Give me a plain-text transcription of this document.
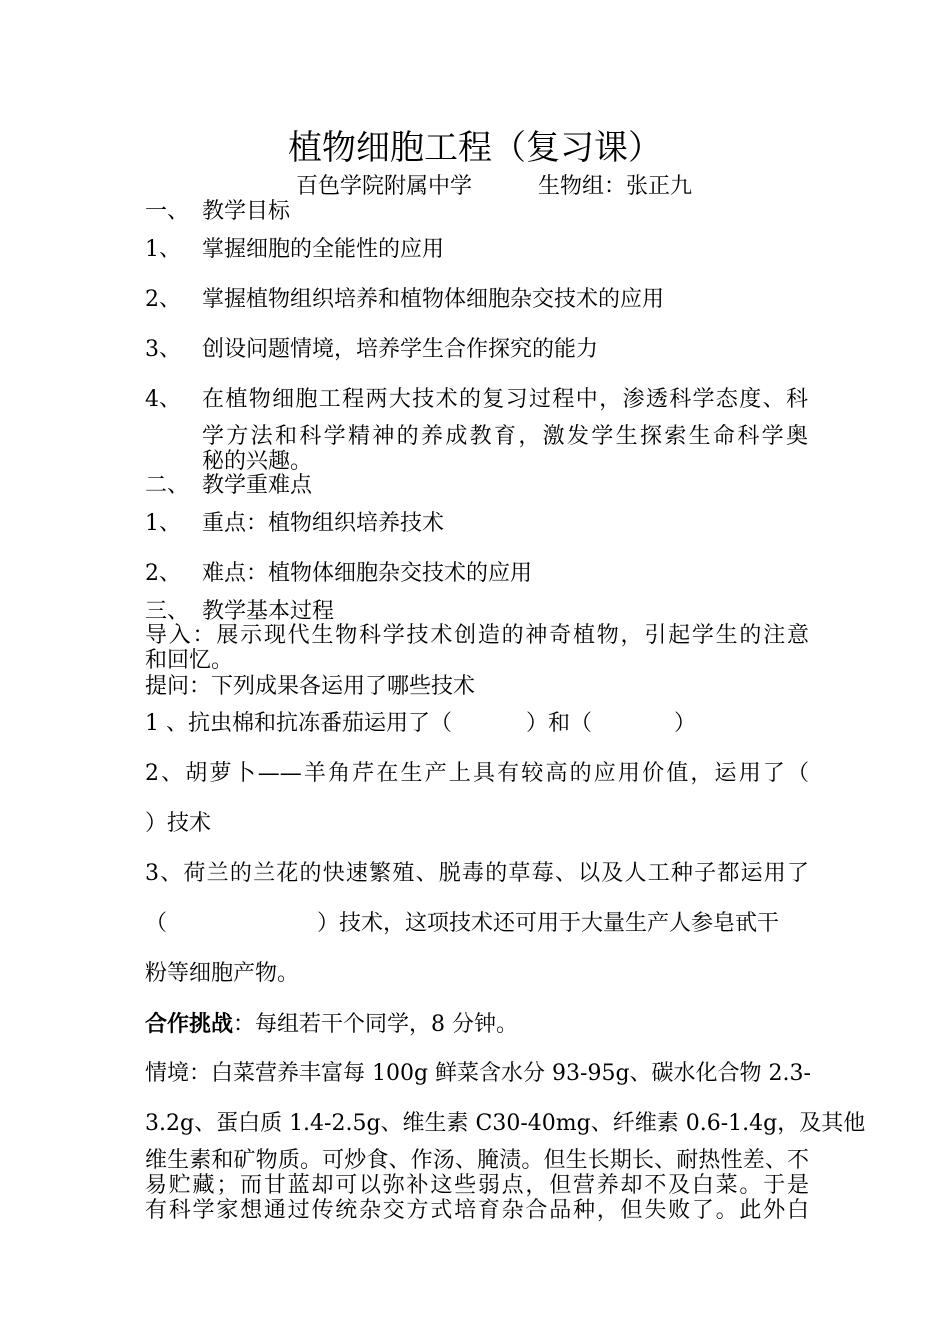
植物细胞工程（复习课）
百色学院附属中学	生物组：张正九
一、 教学目标
1、 掌握细胞的全能性的应用
2、 掌握植物组织培养和植物体细胞杂交技术的应用
3、 创设问题情境，培养学生合作探究的能力
4、 在植物细胞工程两大技术的复习过程中，渗透科学态度、科
学方法和科学精神的养成教育，激发学生探索生命科学奥
秘的兴趣。
二、 教学重难点
1、 重点：植物组织培养技术
2、 难点：植物体细胞杂交技术的应用
三、 教学基本过程
导入：展示现代生物科学技术创造的神奇植物，引起学生的注意
和回忆。
提问：下列成果各运用了哪些技术
1 、抗虫棉和抗冻番茄运用了（	）和（	）
2、胡萝卜——羊角芹在生产上具有较高的应用价值，运用了（
）技术
3、荷兰的兰花的快速繁殖、脱毒的草莓、以及人工种子都运用了
（	）技术，这项技术还可用于大量生产人参皂甙干
粉等细胞产物。
合作挑战：每组若干个同学，8 分钟。
情境：白菜营养丰富每 100g 鲜菜含水分 93-95g、碳水化合物 2.3-
3.2g、蛋白质 1.4-2.5g、维生素 C30-40mg、纤维素 0.6-1.4g，及其他
维生素和矿物质。可炒食、作汤、腌渍。但生长期长、耐热性差、不
易贮藏；而甘蓝却可以弥补这些弱点，但营养却不及白菜。于是
有科学家想通过传统杂交方式培育杂合品种，但失败了。此外白
